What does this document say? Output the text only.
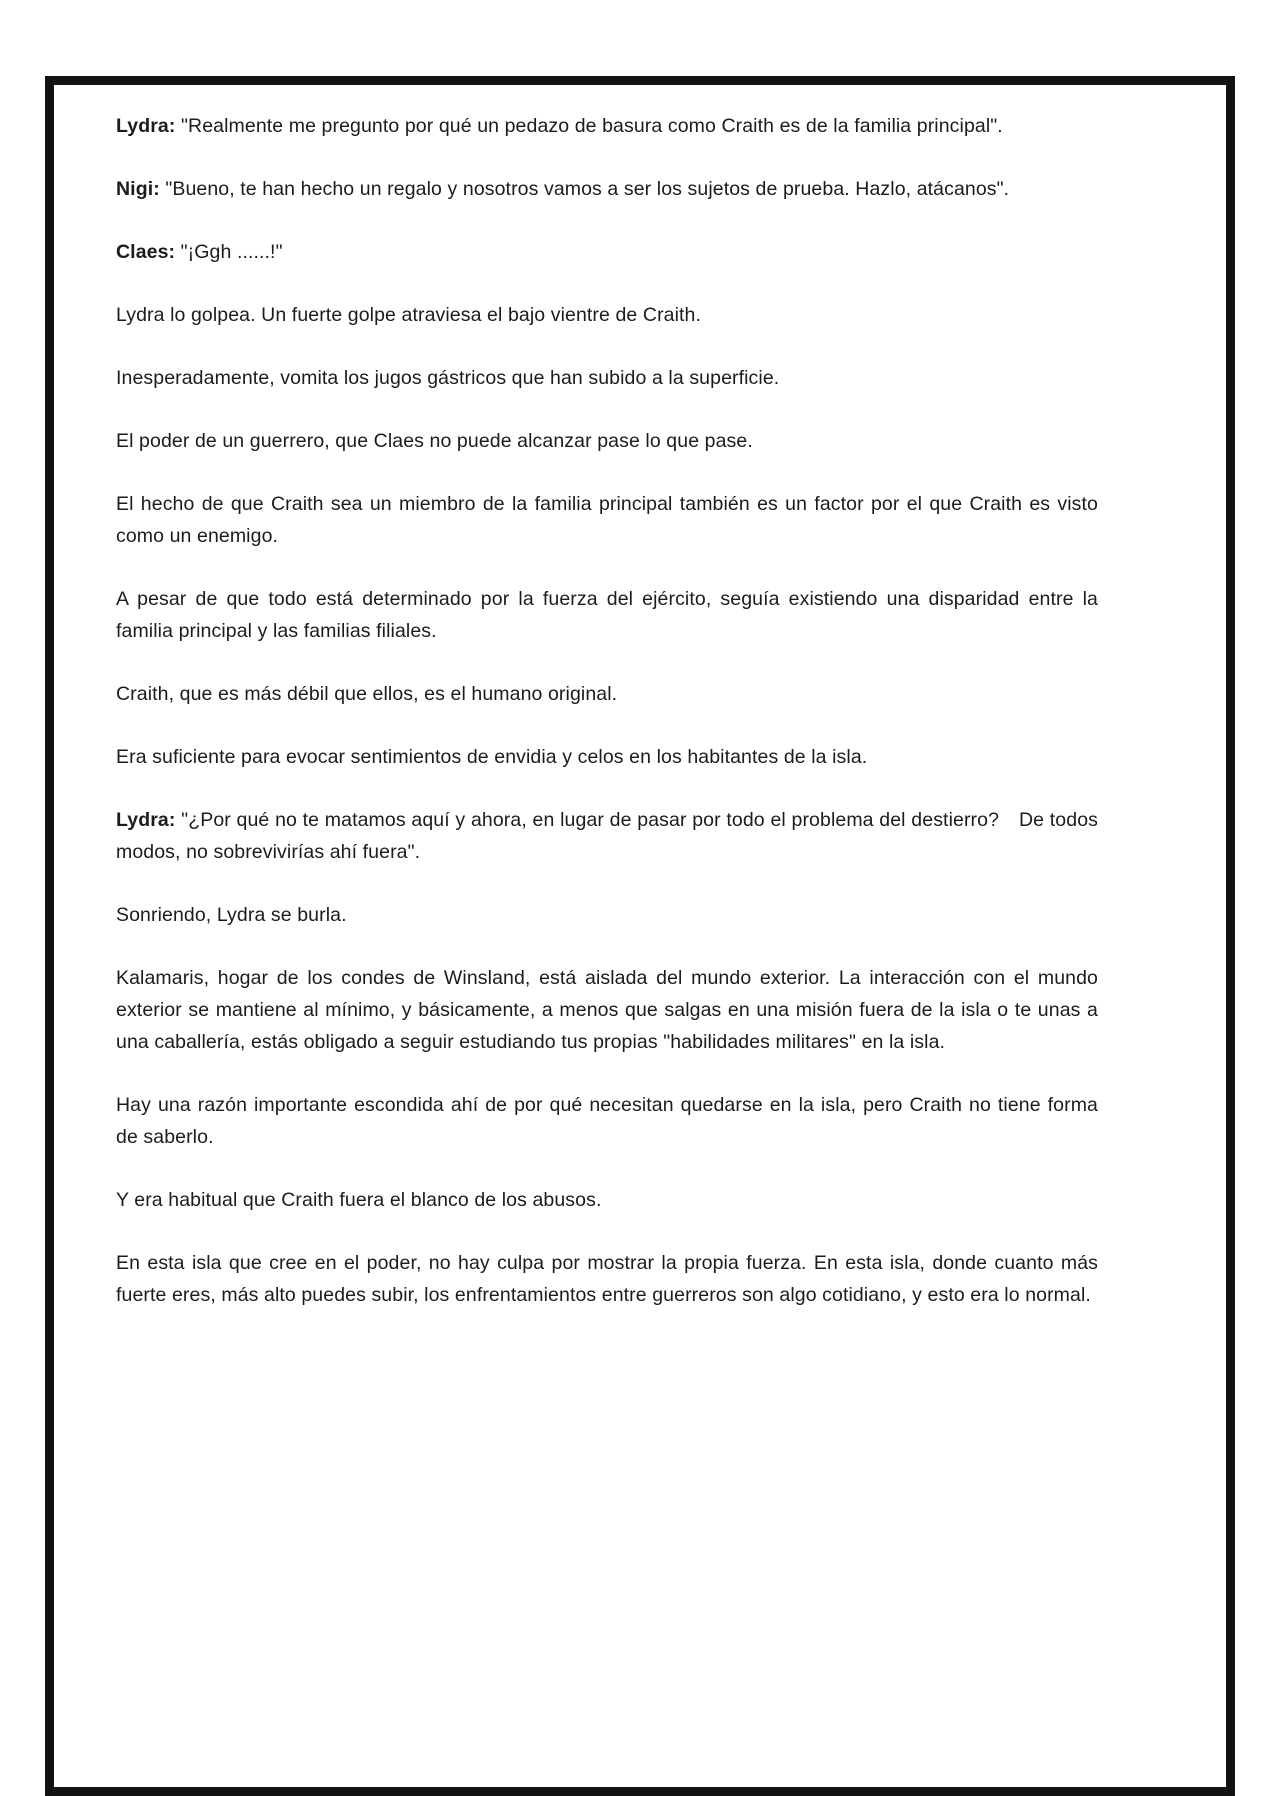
Lydra: "Realmente me pregunto por qué un pedazo de basura como Craith es de la familia principal".

Nigi: "Bueno, te han hecho un regalo y nosotros vamos a ser los sujetos de prueba. Hazlo, atácanos".

Claes: "¡Ggh ......!"

Lydra lo golpea. Un fuerte golpe atraviesa el bajo vientre de Craith.

Inesperadamente, vomita los jugos gástricos que han subido a la superficie.

El poder de un guerrero, que Claes no puede alcanzar pase lo que pase.

El hecho de que Craith sea un miembro de la familia principal también es un factor por el que Craith es visto como un enemigo.

A pesar de que todo está determinado por la fuerza del ejército, seguía existiendo una disparidad entre la familia principal y las familias filiales.

Craith, que es más débil que ellos, es el humano original.

Era suficiente para evocar sentimientos de envidia y celos en los habitantes de la isla.

Lydra: "¿Por qué no te matamos aquí y ahora, en lugar de pasar por todo el problema del destierro?　De todos modos, no sobrevivirías ahí fuera".

Sonriendo, Lydra se burla.

Kalamaris, hogar de los condes de Winsland, está aislada del mundo exterior. La interacción con el mundo exterior se mantiene al mínimo, y básicamente, a menos que salgas en una misión fuera de la isla o te unas a una caballería, estás obligado a seguir estudiando tus propias "habilidades militares" en la isla.

Hay una razón importante escondida ahí de por qué necesitan quedarse en la isla, pero Craith no tiene forma de saberlo.

Y era habitual que Craith fuera el blanco de los abusos.

En esta isla que cree en el poder, no hay culpa por mostrar la propia fuerza. En esta isla, donde cuanto más fuerte eres, más alto puedes subir, los enfrentamientos entre guerreros son algo cotidiano, y esto era lo normal.
